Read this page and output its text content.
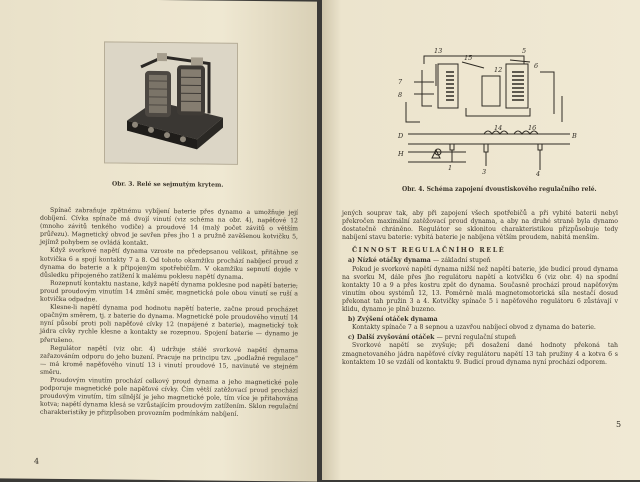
Obr. 3. Relé se sejmutým krytem.

Spínač zabraňuje zpětnému vybíjení baterie přes dynamo a umožňuje její dobíjení. Cívka spínače má dvojí vinutí (viz schéma na obr. 4), napěťové 12 (mnoho závitů tenkého vodiče) a proudové 14 (malý počet závitů o větším průřezu). Magnetický obvod je sevřen přes jho 1 a pružně zavěšenou kotvičku 5, jejímž pohybem se ovládá kontakt.

Když svorkové napětí dynama vzroste na předepsanou velikost, přitáhne se kotvička 6 a spojí kontakty 7 a 8. Od tohoto okamžiku prochází nabíjecí proud z dynama do baterie a k připojeným spotřebičům. V okamžiku sepnutí dojde v důsledku připojeného zatížení k malému poklesu napětí dynama.

Rozepnutí kontaktu nastane, když napětí dynama poklesne pod napětí baterie; proud proudovým vinutím 14 změní směr, magnetická pole obou vinutí se ruší a kotvička odpadne.

Klesne-li napětí dynama pod hodnotu napětí baterie, začne proud procházet opačným směrem, tj. z baterie do dynama. Magnetické pole proudového vinutí 14 nyní působí proti poli napěťové cívky 12 (napájené z baterie), magnetický tok jádra cívky rychle klesne a kontakty se rozepnou. Spojení baterie — dynamo je přerušeno.

Regulátor napětí (viz obr. 4) udržuje stálé svorkové napětí dynama zařazováním odporu do jeho buzení. Pracuje na principu tzv. „podlažné regulace“ — má kromě napěťového vinutí 13 i vinutí proudové 15, navinuté ve stejném směru.

Proudovým vinutím prochází celkový proud dynama a jeho magnetické pole podporuje magnetické pole napěťové cívky. Čím větší zatěžovací proud prochází proudovým vinutím, tím silnější je jeho magnetické pole, tím více je přitahována kotva; napětí dynama klesá se vzrůstajícím proudovým zatížením. Sklon regulační charakteristiky je přizpůsoben provozním podmínkám nabíjení.

4
13	5
15
12	6
7
8
14	16
D
H
B
1	3	4
Obr. 4. Schéma zapojení dvoustiskového regulačního relé.

jených souprav tak, aby při zapojení všech spotřebičů a při vybité baterii nebyl překročen maximální zatěžovací proud dynama, a aby na druhé straně byla dynamo dostatečně chráněno. Regulátor se sklonitou charakteristikou přizpůsobuje tedy nabíjení stavu baterie: vybitá baterie je nabíjena větším proudem, nabitá menším.

ČINNOST REGULAČNÍHO RELÉ

a) Nízké otáčky dynama — základní stupeň

Pokud je svorkové napětí dynama nižší než napětí baterie, jde budicí proud dynama na svorku M, dále přes jho regulátoru napětí a kotvičku 6 (viz obr. 4) na spodní kontakty 10 a 9 a přes kostru zpět do dynama. Současně prochází proud napěťovým vinutím obou systémů 12, 13. Poměrně malá magnetomotorická síla nestačí dosud překonat tah pružin 3 a 4. Kotvičky spínače 5 i napěťového regulátoru 6 zůstávají v klidu, dynamo je plně buzeno.

b) Zvýšení otáček dynama

Kontakty spínače 7 a 8 sepnou a uzavřou nabíjecí obvod z dynama do baterie.

c) Další zvyšování otáček — první regulační stupeň

Svorkové napětí se zvyšuje; při dosažení dané hodnoty překoná tah zmagnetovaného jádra napěťové cívky regulátoru napětí 13 tah pružiny 4 a kotva 6 s kontaktem 10 se vzdálí od kontaktu 9. Budicí proud dynama nyní prochází odporem.

5
